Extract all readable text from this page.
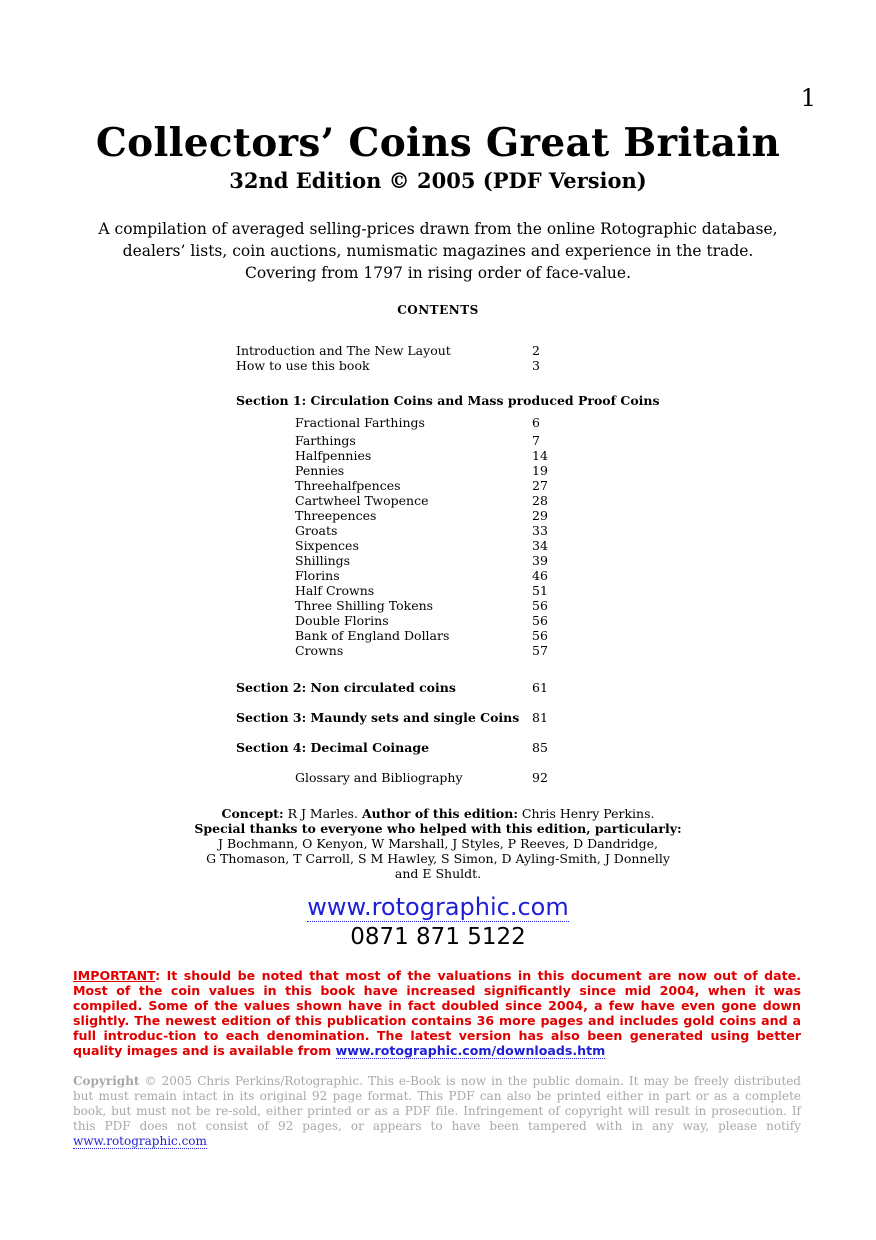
1
Collectors’ Coins Great Britain
32nd Edition © 2005 (PDF Version)
A compilation of averaged selling-prices drawn from the online Rotographic database,
dealers’ lists, coin auctions, numismatic magazines and experience in the trade.
Covering from 1797 in rising order of face-value.
CONTENTS
Introduction and The New Layout	2
How to use this book	3
Section 1: Circulation Coins and Mass produced Proof Coins
Fractional Farthings	6
Farthings	7
Halfpennies	14
Pennies	19
Threehalfpences	27
Cartwheel Twopence	28
Threepences	29
Groats	33
Sixpences	34
Shillings	39
Florins	46
Half Crowns	51
Three Shilling Tokens	56
Double Florins	56
Bank of England Dollars	56
Crowns	57
Section 2: Non circulated coins	61
Section 3: Maundy sets and single Coins 81
Section 4: Decimal Coinage	85
Glossary and Bibliography	92
Concept: R J Marles. Author of this edition: Chris Henry Perkins.
Special thanks to everyone who helped with this edition, particularly:
J Bochmann, O Kenyon, W Marshall, J Styles, P Reeves, D Dandridge,
G Thomason, T Carroll, S M Hawley, S Simon, D Ayling-Smith, J Donnelly
and E Shuldt.
www.rotographic.com
0871 871 5122
IMPORTANT: It should be noted that most of the valuations in this document are now out of date. Most of the coin values in this book have increased significantly since mid 2004, when it was compiled. Some of the values shown have in fact doubled since 2004, a few have even gone down slightly. The newest edition of this publication contains 36 more pages and includes gold coins and a full introduc-tion to each denomination. The latest version has also been generated using better quality images and is available from www.rotographic.com/downloads.htm
Copyright © 2005 Chris Perkins/Rotographic. This e-Book is now in the public domain. It may be freely distributed but must remain intact in its original 92 page format. This PDF can also be printed either in part or as a complete book, but must not be re-sold, either printed or as a PDF file. Infringement of copyright will result in prosecution. If this PDF does not consist of 92 pages, or appears to have been tampered with in any way, please notify www.rotographic.com
